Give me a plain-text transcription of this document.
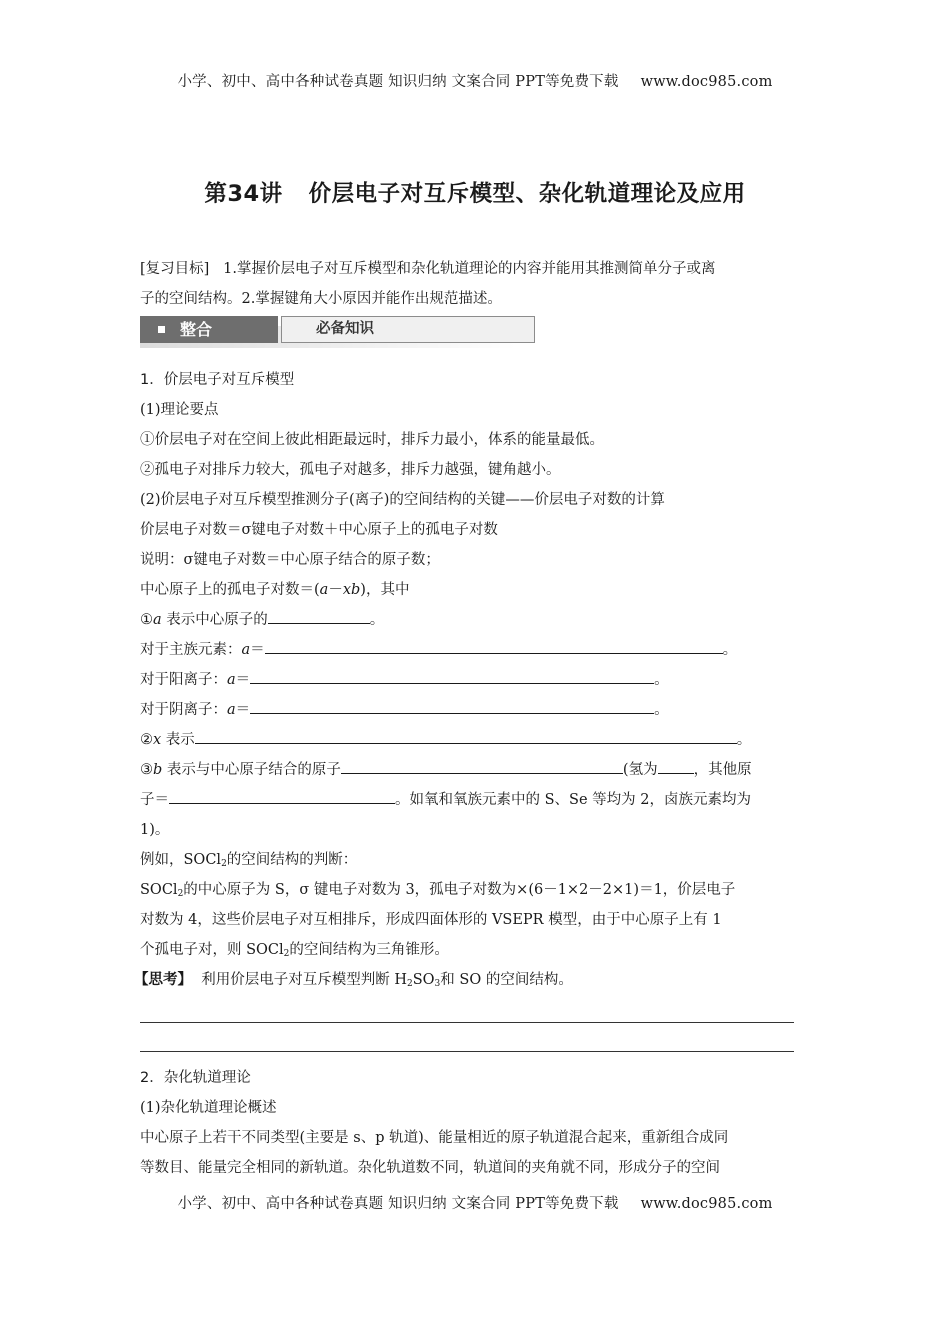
小学、初中、高中各种试卷真题 知识归纳 文案合同 PPT等免费下载 www.doc985.com
第34讲 价层电子对互斥模型、杂化轨道理论及应用
[复习目标] 1.掌握价层电子对互斥模型和杂化轨道理论的内容并能用其推测简单分子或离
子的空间结构。2.掌握键角大小原因并能作出规范描述。
整合	必备知识
1．价层电子对互斥模型
(1)理论要点
①价层电子对在空间上彼此相距最远时，排斥力最小，体系的能量最低。
②孤电子对排斥力较大，孤电子对越多，排斥力越强，键角越小。
(2)价层电子对互斥模型推测分子(离子)的空间结构的关键——价层电子对数的计算
价层电子对数＝σ键电子对数＋中心原子上的孤电子对数
说明：σ键电子对数＝中心原子结合的原子数；
中心原子上的孤电子对数＝(a－xb)，其中
①a 表示中心原子的	。
对于主族元素：a＝	。
对于阳离子：a＝	。
对于阴离子：a＝	。
②x 表示	。
③b 表示与中心原子结合的原子	(氢为 ，其他原
子＝	。如氧和氧族元素中的 S、Se 等均为 2，卤族元素均为
1)。
例如，SOCl$_2$的空间结构的判断：
SOCl$_2$的中心原子为 S，σ 键电子对数为 3，孤电子对数为×(6－1×2－2×1)＝1，价层电子
对数为 4，这些价层电子对互相排斥，形成四面体形的 VSEPR 模型，由于中心原子上有 1
个孤电子对，则 SOCl$_2$的空间结构为三角锥形。
【思考】 利用价层电子对互斥模型判断 $H_2SO_3$和 SO 的空间结构。
2．杂化轨道理论
(1)杂化轨道理论概述
中心原子上若干不同类型(主要是 s、p 轨道)、能量相近的原子轨道混合起来，重新组合成同
等数目、能量完全相同的新轨道。杂化轨道数不同，轨道间的夹角就不同，形成分子的空间
小学、初中、高中各种试卷真题 知识归纳 文案合同 PPT等免费下载 www.doc985.com
